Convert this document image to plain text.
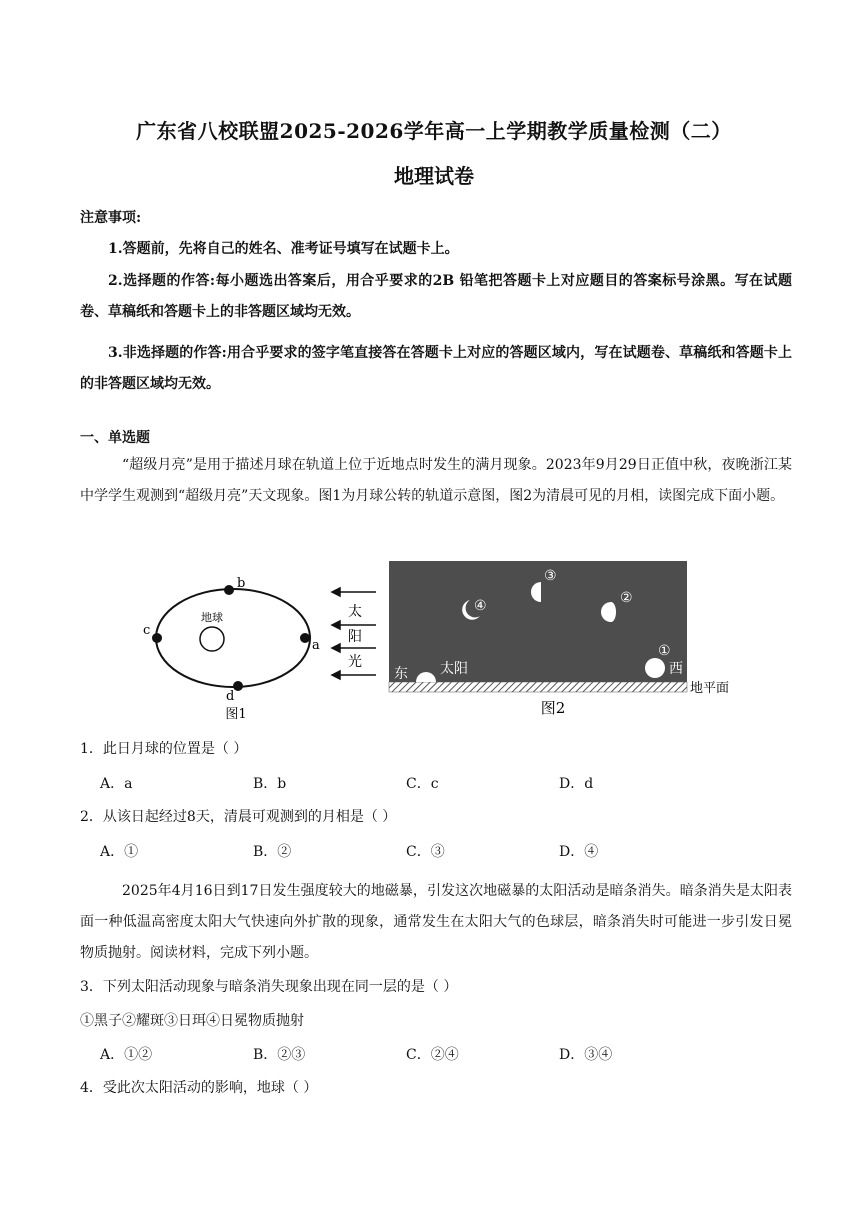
广东省八校联盟2025-2026学年高一上学期教学质量检测（二）
地理试卷
注意事项:
1.答题前，先将自己的姓名、准考证号填写在试题卡上。
2.选择题的作答:每小题选出答案后，用合乎要求的2B 铅笔把答题卡上对应题目的答案标号涂黑。写在试题卷、草稿纸和答题卡上的非答题区域均无效。
3.非选择题的作答:用合乎要求的签字笔直接答在答题卡上对应的答题区域内，写在试题卷、草稿纸和答题卡上的非答题区域均无效。
一、单选题
“超级月亮”是用于描述月球在轨道上位于近地点时发生的满月现象。2023年9月29日正值中秋，夜晚浙江某中学学生观测到“超级月亮”天文现象。图1为月球公转的轨道示意图，图2为清晨可见的月相，读图完成下面小题。
地球
b
c
a
d
图1
太
阳
光
东 太阳
④
③
②
①
西
地平面
图2
1．此日月球的位置是（ ）
A．a	B．b	C．c	D．d
2．从该日起经过8天，清晨可观测到的月相是（ ）
A．①	B．②	C．③	D．④
2025年4月16日到17日发生强度较大的地磁暴，引发这次地磁暴的太阳活动是暗条消失。暗条消失是太阳表面一种低温高密度太阳大气快速向外扩散的现象，通常发生在太阳大气的色球层，暗条消失时可能进一步引发日冕物质抛射。阅读材料，完成下列小题。
3．下列太阳活动现象与暗条消失现象出现在同一层的是（ ）
①黑子②耀斑③日珥④日冕物质抛射
A．①②	B．②③	C．②④	D．③④
4．受此次太阳活动的影响，地球（ ）
